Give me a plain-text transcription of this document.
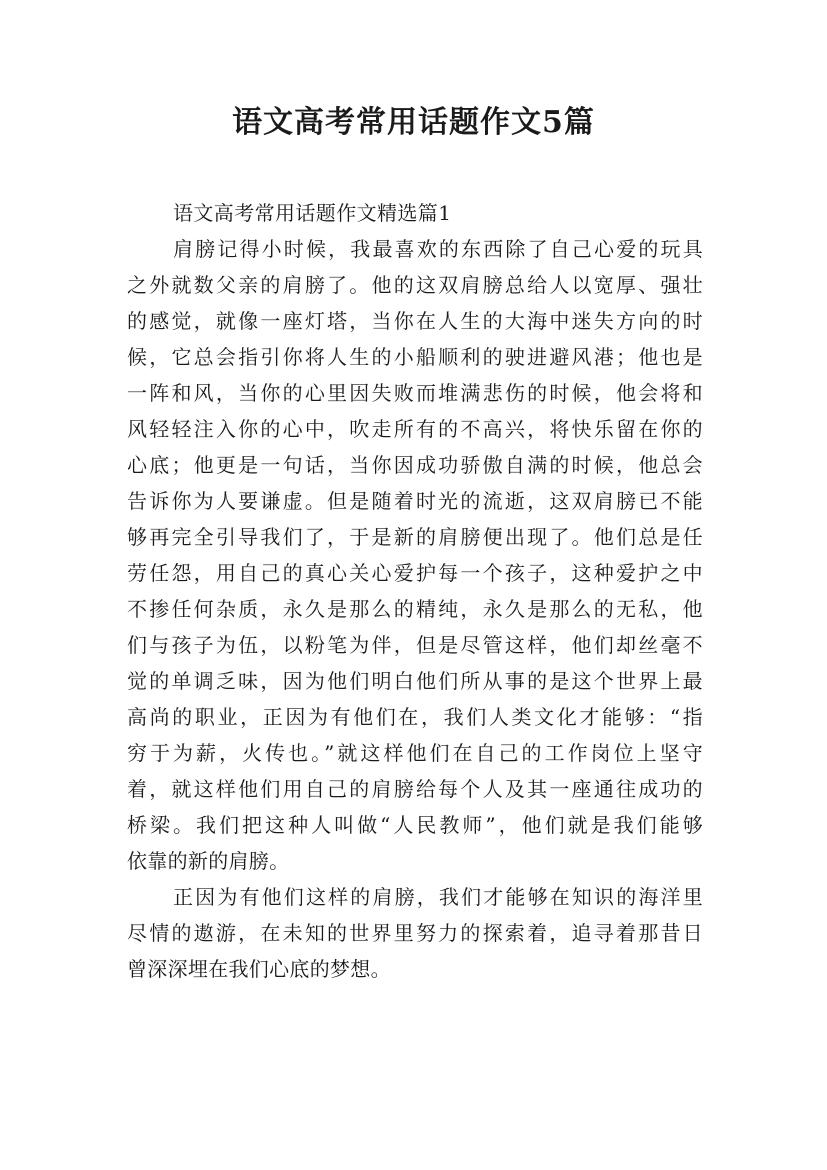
语文高考常用话题作文5篇
语文高考常用话题作文精选篇1
肩膀记得小时候，我最喜欢的东西除了自己心爱的玩具
之外就数父亲的肩膀了。他的这双肩膀总给人以宽厚、强壮
的感觉，就像一座灯塔，当你在人生的大海中迷失方向的时
候，它总会指引你将人生的小船顺利的驶进避风港；他也是
一阵和风，当你的心里因失败而堆满悲伤的时候，他会将和
风轻轻注入你的心中，吹走所有的不高兴，将快乐留在你的
心底；他更是一句话，当你因成功骄傲自满的时候，他总会
告诉你为人要谦虚。但是随着时光的流逝，这双肩膀已不能
够再完全引导我们了，于是新的肩膀便出现了。他们总是任
劳任怨，用自己的真心关心爱护每一个孩子，这种爱护之中
不掺任何杂质，永久是那么的精纯，永久是那么的无私，他
们与孩子为伍，以粉笔为伴，但是尽管这样，他们却丝毫不
觉的单调乏味，因为他们明白他们所从事的是这个世界上最
高尚的职业，正因为有他们在，我们人类文化才能够：“指
穷于为薪，火传也。”就这样他们在自己的工作岗位上坚守
着，就这样他们用自己的肩膀给每个人及其一座通往成功的
桥梁。我们把这种人叫做“人民教师”，他们就是我们能够
依靠的新的肩膀。
正因为有他们这样的肩膀，我们才能够在知识的海洋里
尽情的遨游，在未知的世界里努力的探索着，追寻着那昔日
曾深深埋在我们心底的梦想。
